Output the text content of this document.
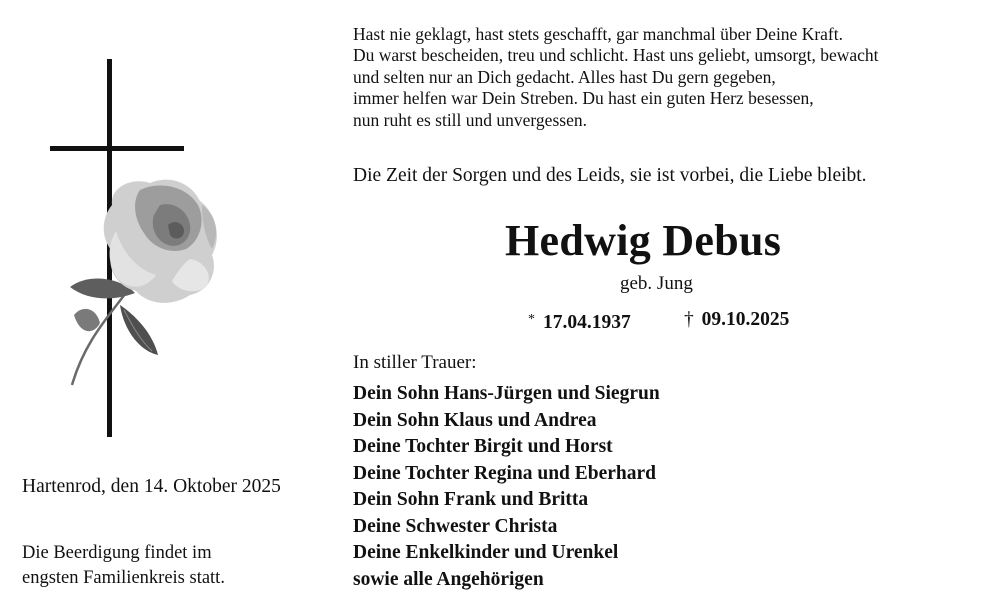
Hartenrod, den 14. Oktober 2025
Die Beerdigung findet im
engsten Familienkreis statt.
Hast nie geklagt, hast stets geschafft, gar manchmal über Deine Kraft.
Du warst bescheiden, treu und schlicht. Hast uns geliebt, umsorgt, bewacht
und selten nur an Dich gedacht. Alles hast Du gern gegeben,
immer helfen war Dein Streben. Du hast ein guten Herz besessen,
nun ruht es still und unvergessen.
Die Zeit der Sorgen und des Leids, sie ist vorbei, die Liebe bleibt.
Hedwig Debus
geb. Jung
* 17.04.1937	† 09.10.2025
In stiller Trauer:
Dein Sohn Hans-Jürgen und Siegrun
Dein Sohn Klaus und Andrea
Deine Tochter Birgit und Horst
Deine Tochter Regina und Eberhard
Dein Sohn Frank und Britta
Deine Schwester Christa
Deine Enkelkinder und Urenkel
sowie alle Angehörigen
